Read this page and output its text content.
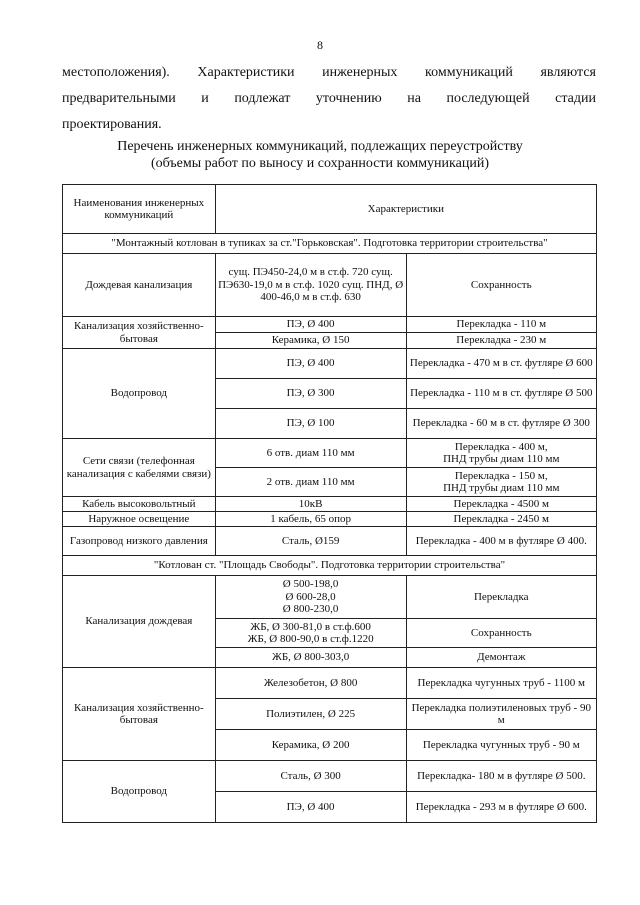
8
местоположения). Характеристики инженерных коммуникаций являются
предварительными и подлежат уточнению на последующей стадии
проектирования.
Перечень инженерных коммуникаций, подлежащих переустройству
(объемы работ по выносу и сохранности коммуникаций)
Наименования инженерных коммуникаций	Характеристики	
"Монтажный котлован в тупиках за ст."Горьковская". Подготовка территории строительства"		
Дождевая канализация	сущ. ПЭ450-24,0 м в ст.ф. 720 сущ. ПЭ630-19,0 м в ст.ф. 1020 сущ. ПНД, Ø 400-46,0 м в ст.ф. 630	Сохранность
Канализация хозяйственно-бытовая	ПЭ, Ø 400	Перекладка - 110 м
	Керамика, Ø 150	Перекладка - 230 м
Водопровод	ПЭ, Ø 400	Перекладка - 470 м в ст. футляре Ø 600
	ПЭ, Ø 300	Перекладка - 110 м в ст. футляре Ø 500
	ПЭ, Ø 100	Перекладка - 60 м в ст. футляре Ø 300
Сети связи (телефонная канализация с кабелями связи)	6 отв. диам 110 мм	Перекладка - 400 м,
ПНД трубы диам 110 мм

	2 отв. диам 110 мм	Перекладка - 150 м,
ПНД трубы диам 110 мм

Кабель высоковольтный	10кВ	Перекладка - 4500 м
Наружное освещение	1 кабель, 65 опор	Перекладка - 2450 м
Газопровод низкого давления	Сталь, Ø159	Перекладка - 400 м в футляре Ø 400.
"Котлован ст. "Площадь Свободы". Подготовка территории строительства"		
Канализация дождевая	Ø 500-198,0
Ø 600-28,0
Ø 800-230,0	Перекладка

	ЖБ, Ø 300-81,0 в ст.ф.600
ЖБ, Ø 800-90,0 в ст.ф.1220	Сохранность
	ЖБ, Ø 800-303,0	Демонтаж
Канализация хозяйственно-бытовая	Железобетон, Ø 800	Перекладка чугунных труб - 1100 м
	Полиэтилен, Ø 225	Перекладка полиэтиленовых труб - 90 м
	Керамика, Ø 200	Перекладка чугунных труб - 90 м
Водопровод	Сталь, Ø 300	Перекладка- 180 м в футляре Ø 500.
	ПЭ, Ø 400	Перекладка - 293 м в футляре Ø 600.
